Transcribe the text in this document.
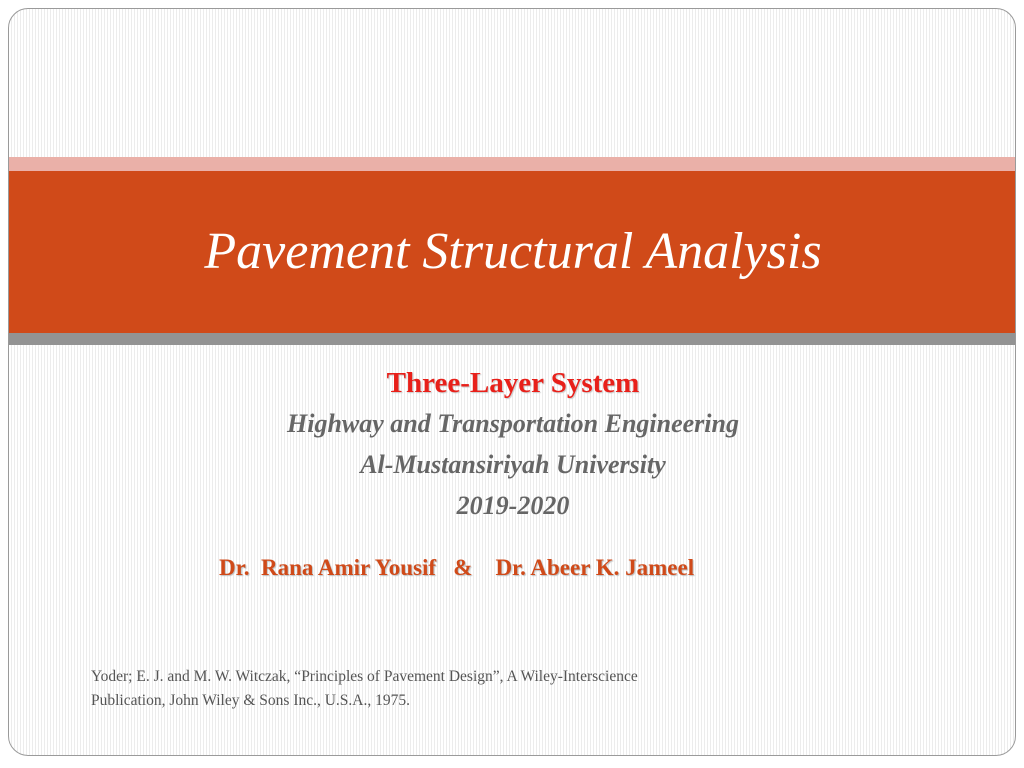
Pavement Structural Analysis
Three-Layer System
Highway and Transportation Engineering
Al-Mustansiriyah University
2019-2020
Dr.  Rana Amir Yousif   &    Dr. Abeer K. Jameel
Yoder; E. J. and M. W. Witczak, “Principles of Pavement Design”, A Wiley-Interscience Publication, John Wiley & Sons Inc., U.S.A., 1975.
